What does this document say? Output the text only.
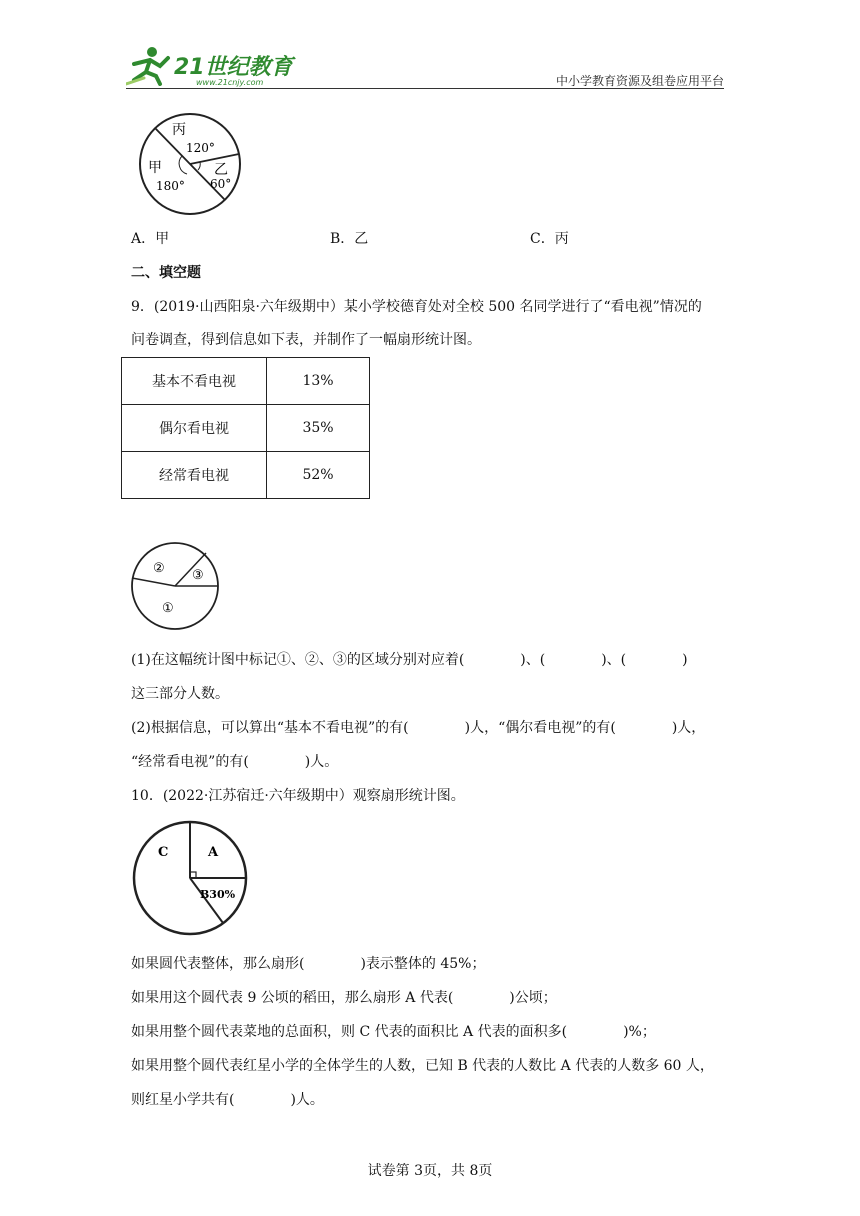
21世纪教育
www.21cnjy.com	中小学教育资源及组卷应用平台
丙
120°
甲
180°
乙
60°
A．甲	B．乙	C．丙
二、填空题
9．(2019·山西阳泉·六年级期中）某小学校德育处对全校 500 名同学进行了“看电视”情况的
问卷调查，得到信息如下表，并制作了一幅扇形统计图。
基本不看电视	13%
偶尔看电视	35%
经常看电视	52%
② ③
①
(1)在这幅统计图中标记①、②、③的区域分别对应着(　　　　)、(　　　　)、(　　　　)
这三部分人数。
(2)根据信息，可以算出“基本不看电视”的有(　　　　)人，“偶尔看电视”的有(　　　　)人，
“经常看电视”的有(　　　　)人。
10．(2022·江苏宿迁·六年级期中）观察扇形统计图。
C	A
B30%
如果圆代表整体，那么扇形(　　　　)表示整体的 45%；
如果用这个圆代表 9 公顷的稻田，那么扇形 A 代表(　　　　)公顷；
如果用整个圆代表菜地的总面积，则 C 代表的面积比 A 代表的面积多(　　　　)%；
如果用整个圆代表红星小学的全体学生的人数，已知 B 代表的人数比 A 代表的人数多 60 人，
则红星小学共有(　　　　)人。
试卷第 3页，共 8页
